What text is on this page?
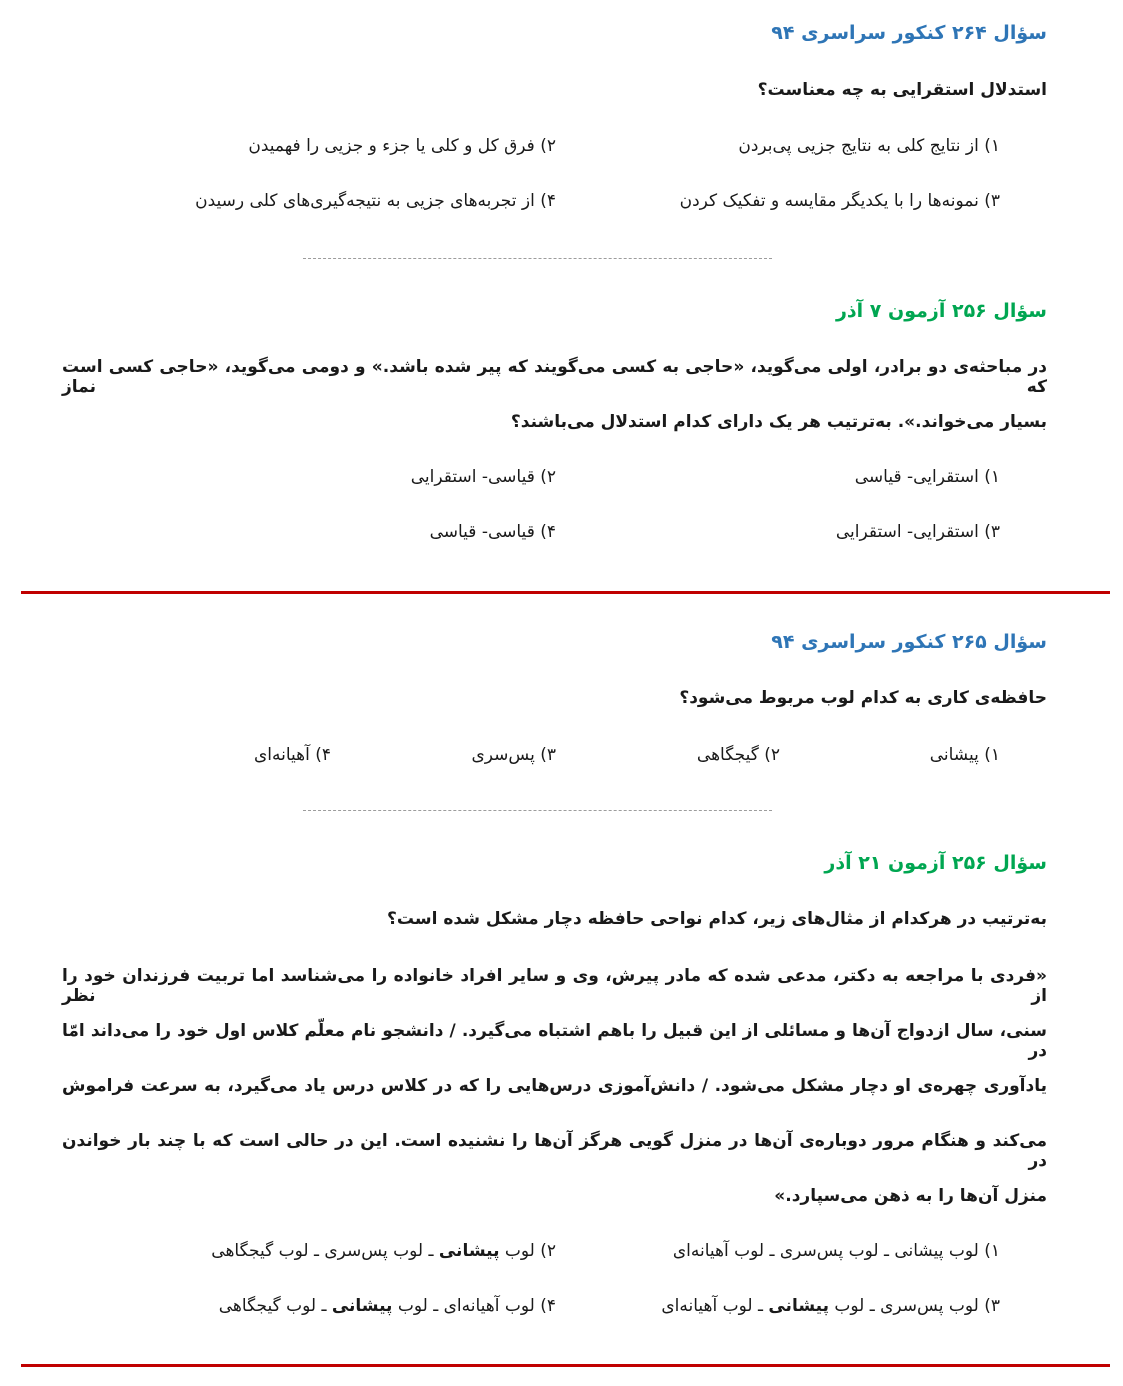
سؤال ۲۶۴ کنکور سراسری ۹۴
استدلال استقرایی به چه معناست؟
۱) از نتایج کلی به نتایج جزیی پی‌بردن
۲) فرق کل و کلی یا جزء و جزیی را فهمیدن
۳) نمونه‌ها را با یکدیگر مقایسه و تفکیک کردن
۴) از تجربه‌های جزیی به نتیجه‌گیری‌های کلی رسیدن
سؤال ۲۵۶ آزمون ۷ آذر
در مباحثه‌ی دو برادر، اولی می‌گوید، «حاجی به کسی می‌گویند که پیر شده باشد.» و دومی می‌گوید، «حاجی کسی است که نماز
بسیار می‌خواند.». به‌ترتیب هر یک دارای کدام استدلال می‌باشند؟
۱) استقرایی- قیاسی
۲) قیاسی- استقرایی
۳) استقرایی- استقرایی
۴) قیاسی- قیاسی
سؤال ۲۶۵ کنکور سراسری ۹۴
حافظه‌ی کاری به کدام لوب مربوط می‌شود؟
۱) پیشانی
۲) گیجگاهی
۳) پس‌سری
۴) آهیانه‌ای
سؤال ۲۵۶ آزمون ۲۱ آذر
به‌ترتیب در هرکدام از مثال‌های زیر، کدام نواحی حافظه دچار مشکل شده است؟
«فردی با مراجعه به دکتر، مدعی شده که مادر پیرش، وی و سایر افراد خانواده را می‌شناسد اما تربیت فرزندان خود را از نظر
سنی، سال ازدواج آن‌ها و مسائلی از این قبیل را باهم اشتباه می‌گیرد. / دانشجو نام معلّم کلاس اول خود را می‌داند امّا در
یادآوری چهره‌ی او دچار مشکل می‌شود. / دانش‌آموزی درس‌هایی را که در کلاس درس یاد می‌گیرد، به سرعت فراموش
می‌کند و هنگام مرور دوباره‌ی آن‌ها در منزل گویی هرگز آن‌ها را نشنیده است. این در حالی است که با چند بار خواندن در
منزل آن‌ها را به ذهن می‌سپارد.»
۱) لوب پیشانی ـ لوب پس‌سری ـ لوب آهیانه‌ای
۲) لوب پیشانی ـ لوب پس‌سری ـ لوب گیجگاهی
۳) لوب پس‌سری ـ لوب پیشانی ـ لوب آهیانه‌ای
۴) لوب آهیانه‌ای ـ لوب پیشانی ـ لوب گیجگاهی
